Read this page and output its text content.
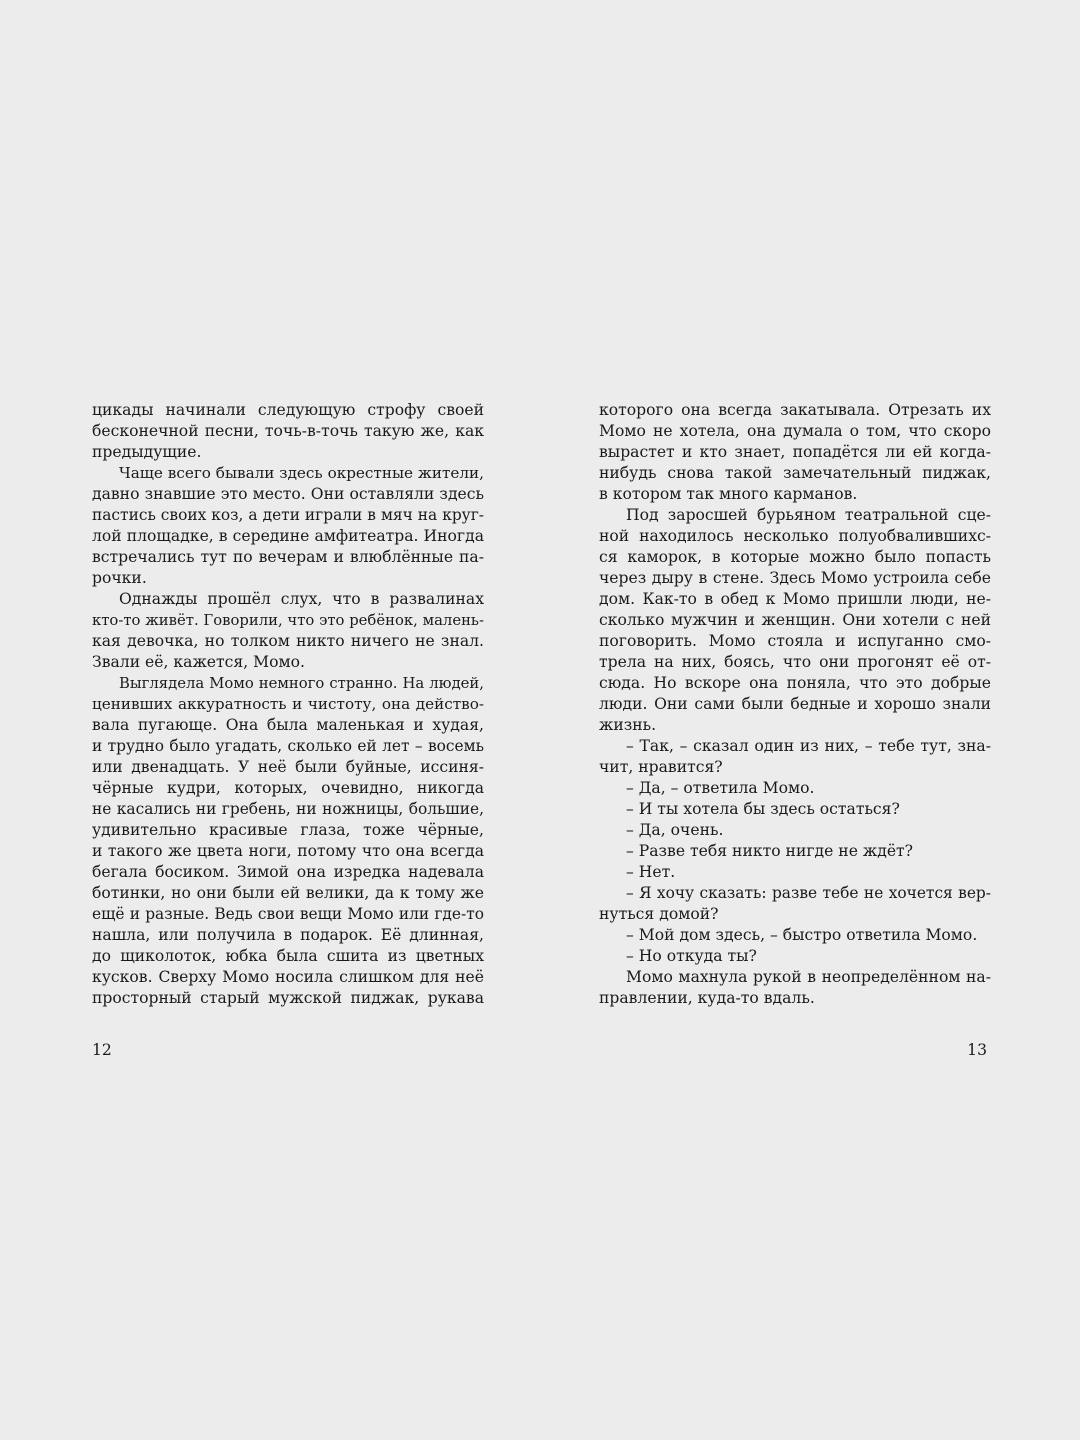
цикады начинали следующую строфу своей
бесконечной песни, точь-в-точь такую же, как
предыдущие.
Чаще всего бывали здесь окрестные жители,
давно знавшие это место. Они оставляли здесь
пастись своих коз, а дети играли в мяч на круг-
лой площадке, в середине амфитеатра. Иногда
встречались тут по вечерам и влюблённые па-
рочки.
Однажды прошёл слух, что в развалинах
кто-то живёт. Говорили, что это ребёнок, малень-
кая девочка, но толком никто ничего не знал.
Звали её, кажется, Момо.
Выглядела Момо немного странно. На людей,
ценивших аккуратность и чистоту, она действо-
вала пугающе. Она была маленькая и худая,
и трудно было угадать, сколько ей лет – восемь
или двенадцать. У неё были буйные, иссиня-
чёрные кудри, которых, очевидно, никогда
не касались ни гребень, ни ножницы, большие,
удивительно красивые глаза, тоже чёрные,
и такого же цвета ноги, потому что она всегда
бегала босиком. Зимой она изредка надевала
ботинки, но они были ей велики, да к тому же
ещё и разные. Ведь свои вещи Момо или где-то
нашла, или получила в подарок. Её длинная,
до щиколоток, юбка была сшита из цветных
кусков. Сверху Момо носила слишком для неё
просторный старый мужской пиджак, рукава
12
которого она всегда закатывала. Отрезать их
Момо не хотела, она думала о том, что скоро
вырастет и кто знает, попадётся ли ей когда-
нибудь снова такой замечательный пиджак,
в котором так много карманов.
Под заросшей бурьяном театральной сце-
ной находилось несколько полуобвалившихс-
ся каморок, в которые можно было попасть
через дыру в стене. Здесь Момо устроила себе
дом. Как-то в обед к Момо пришли люди, не-
сколько мужчин и женщин. Они хотели с ней
поговорить. Момо стояла и испуганно смо-
трела на них, боясь, что они прогонят её от-
сюда. Но вскоре она поняла, что это добрые
люди. Они сами были бедные и хорошо знали
жизнь.
– Так, – сказал один из них, – тебе тут, зна-
чит, нравится?
– Да, – ответила Момо.
– И ты хотела бы здесь остаться?
– Да, очень.
– Разве тебя никто нигде не ждёт?
– Нет.
– Я хочу сказать: разве тебе не хочется вер-
нуться домой?
– Мой дом здесь, – быстро ответила Момо.
– Но откуда ты?
Момо махнула рукой в неопределённом на-
правлении, куда-то вдаль.
13
